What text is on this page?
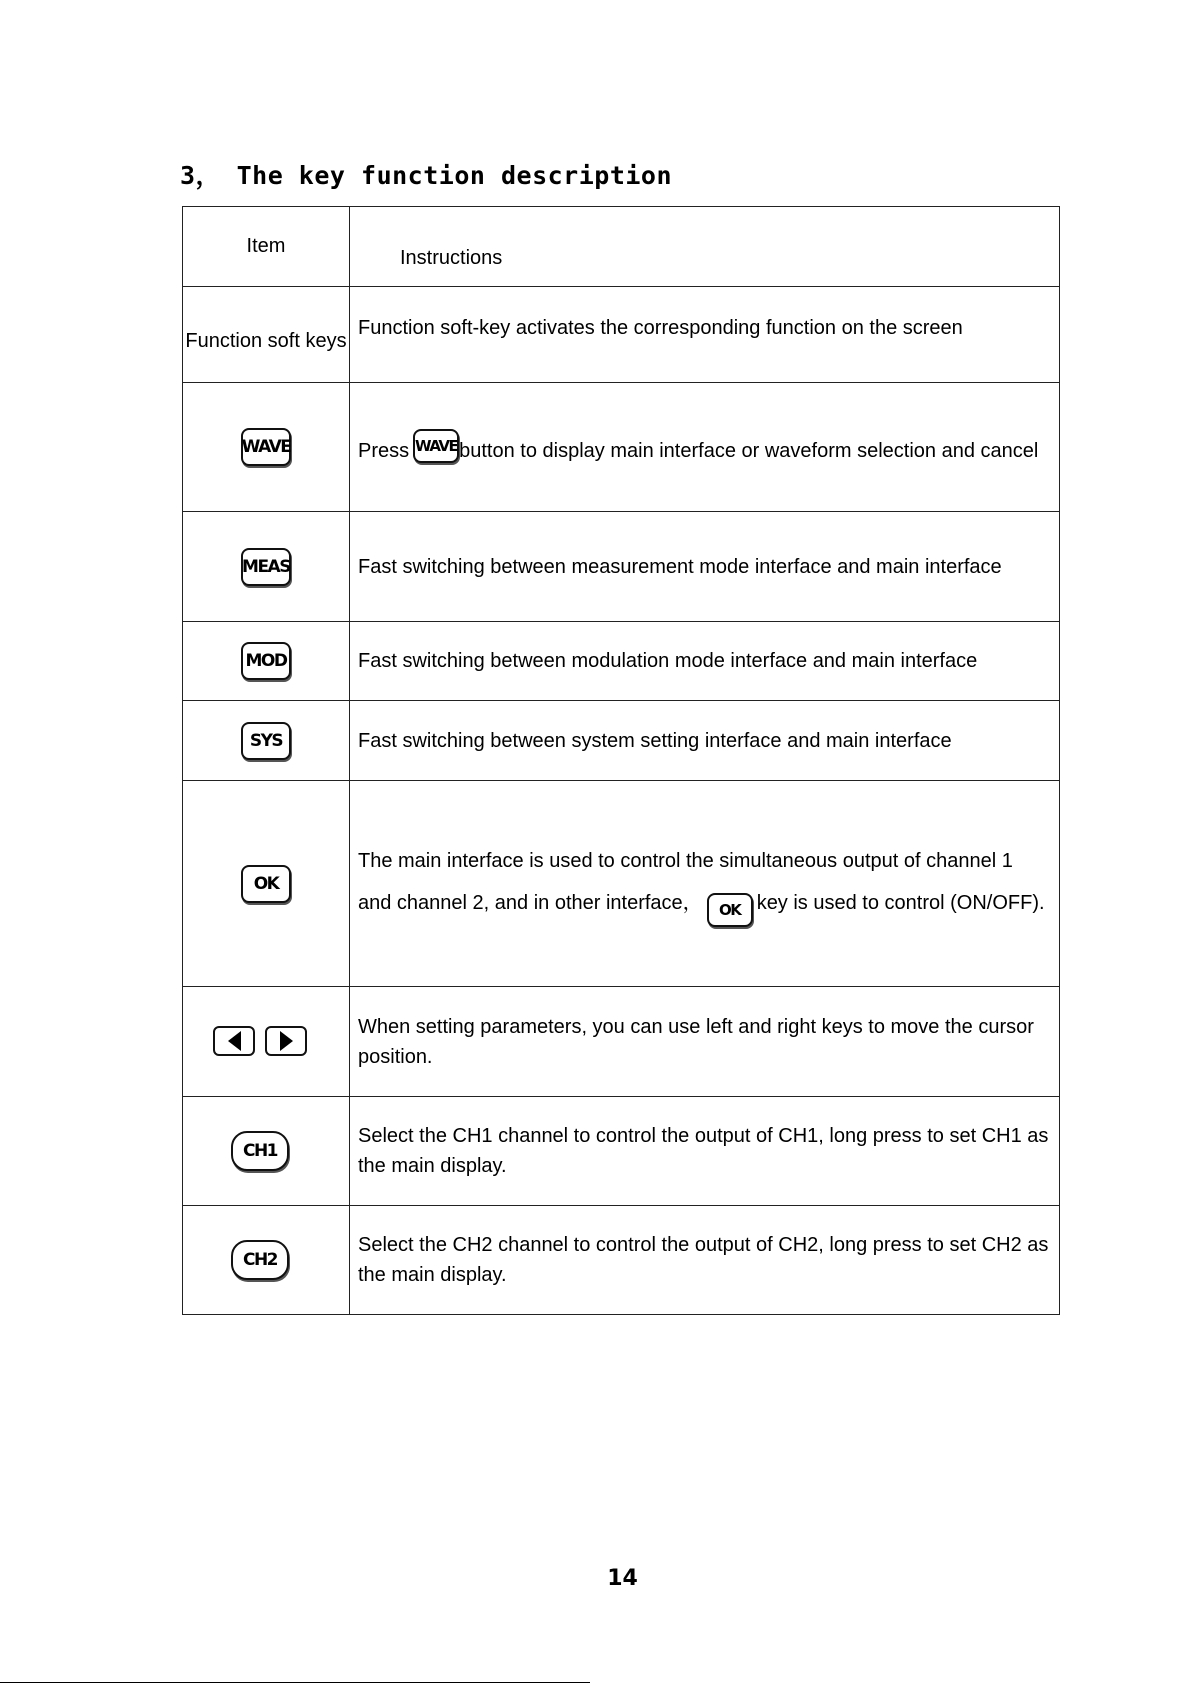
3， The key function description
Item	Instructions
Function soft keys	Function soft-key activates the corresponding function on the screen
WAVE	Press WAVEbutton to display main interface or waveform selection and cancel
MEAS	Fast switching between measurement mode interface and main interface
MOD	Fast switching between modulation mode interface and main interface
SYS	Fast switching between system setting interface and main interface
OK	The main interface is used to control the simultaneous output of channel 1 and channel 2, and in other interface， OK key is used to control (ON/OFF).

	When setting parameters, you can use left and right keys to move the cursor position.
CH1	Select the CH1 channel to control the output of CH1, long press to set CH1 as the main display.
CH2	Select the CH2 channel to control the output of CH2, long press to set CH2 as the main display.

14
